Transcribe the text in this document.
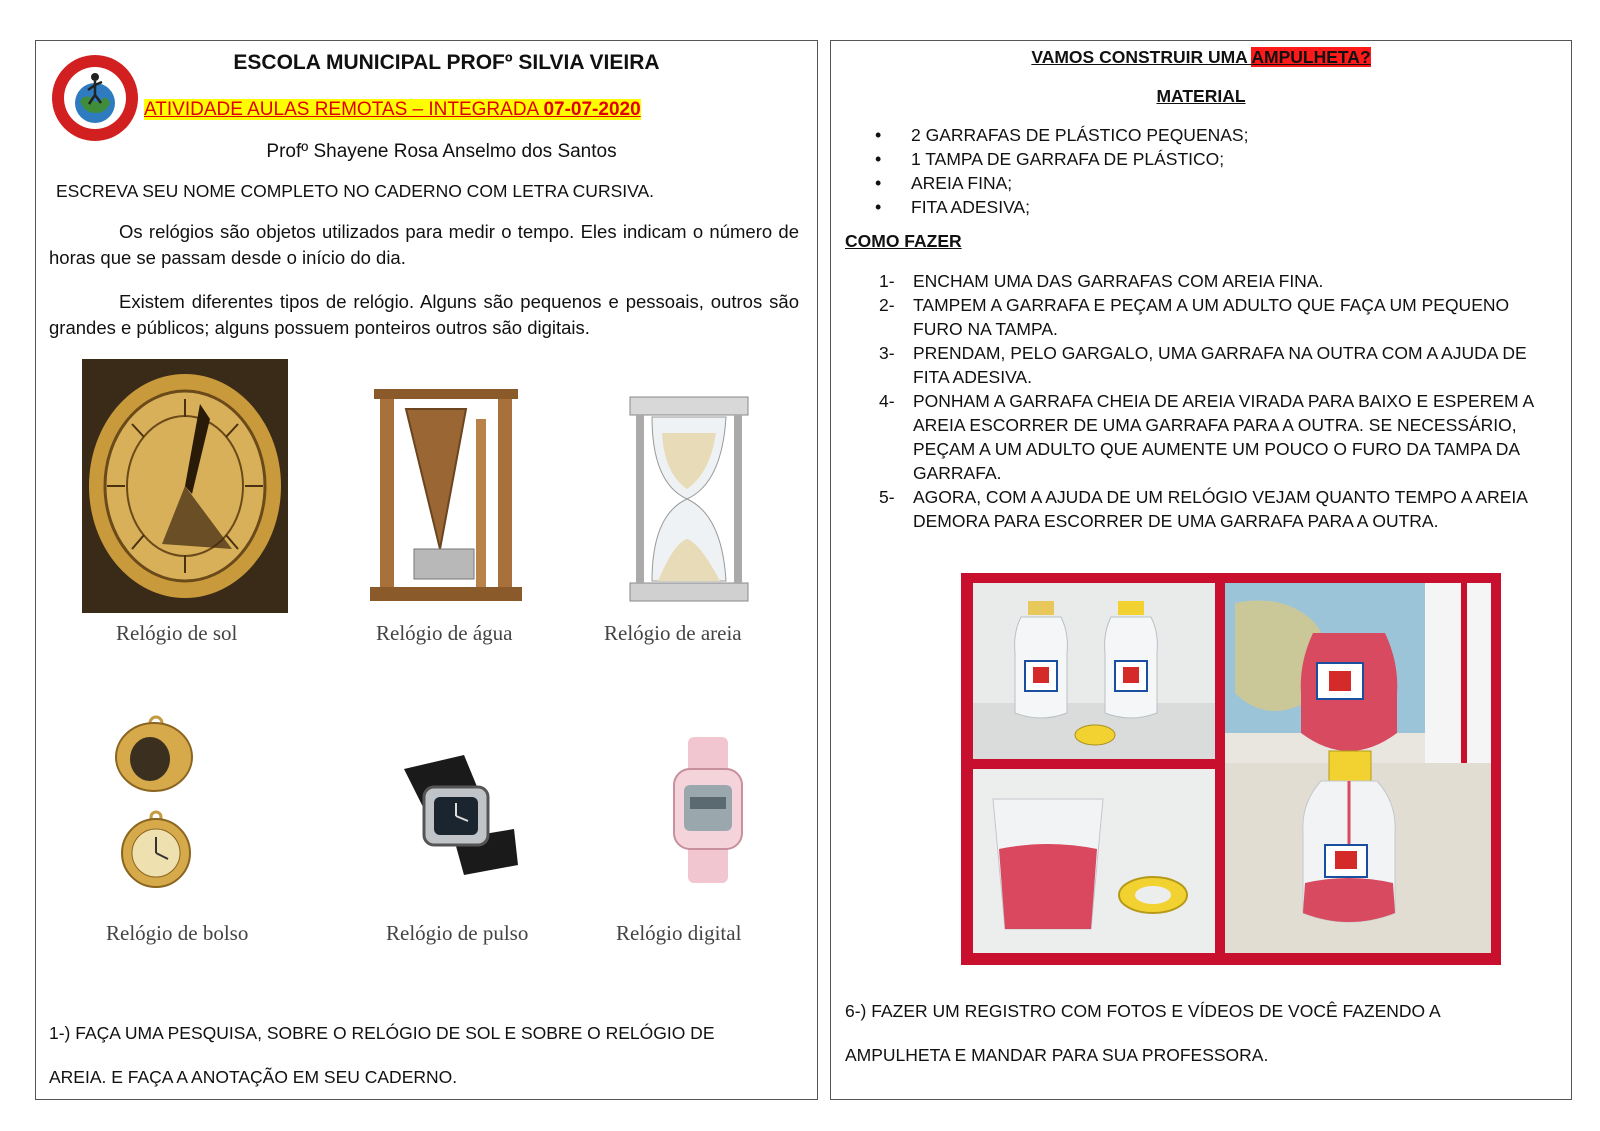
ESCOLA MUNICIPAL PROFº SILVIA VIEIRA
ATIVIDADE AULAS REMOTAS – INTEGRADA 07-07-2020
Profº Shayene Rosa Anselmo dos Santos
ESCREVA SEU NOME COMPLETO NO CADERNO COM LETRA CURSIVA.
Os relógios são objetos utilizados para medir o tempo. Eles indicam o número de horas que se passam desde o início do dia.
Existem diferentes tipos de relógio. Alguns são pequenos e pessoais, outros são grandes e públicos; alguns possuem ponteiros outros são digitais.
Relógio de sol	Relógio de água	Relógio de areia
Relógio de bolso	Relógio de pulso	Relógio digital
1-) FAÇA UMA PESQUISA, SOBRE O RELÓGIO DE SOL E SOBRE O RELÓGIO DE
AREIA. E FAÇA A ANOTAÇÃO EM SEU CADERNO.
VAMOS CONSTRUIR UMA AMPULHETA?
MATERIAL
• 2 GARRAFAS DE PLÁSTICO PEQUENAS;
• 1 TAMPA DE GARRAFA DE PLÁSTICO;
• AREIA FINA;
• FITA ADESIVA;
COMO FAZER
1- ENCHAM UMA DAS GARRAFAS COM AREIA FINA.
2- TAMPEM A GARRAFA E PEÇAM A UM ADULTO QUE FAÇA UM PEQUENO FURO NA TAMPA.
3- PRENDAM, PELO GARGALO, UMA GARRAFA NA OUTRA COM A AJUDA DE FITA ADESIVA.
4- PONHAM A GARRAFA CHEIA DE AREIA VIRADA PARA BAIXO E ESPEREM A AREIA ESCORRER DE UMA GARRAFA PARA A OUTRA. SE NECESSÁRIO, PEÇAM A UM ADULTO QUE AUMENTE UM POUCO O FURO DA TAMPA DA GARRAFA.
5- AGORA, COM A AJUDA DE UM RELÓGIO VEJAM QUANTO TEMPO A AREIA DEMORA PARA ESCORRER DE UMA GARRAFA PARA A OUTRA.
6-) FAZER UM REGISTRO COM FOTOS E VÍDEOS DE VOCÊ FAZENDO A
AMPULHETA E MANDAR PARA SUA PROFESSORA.
